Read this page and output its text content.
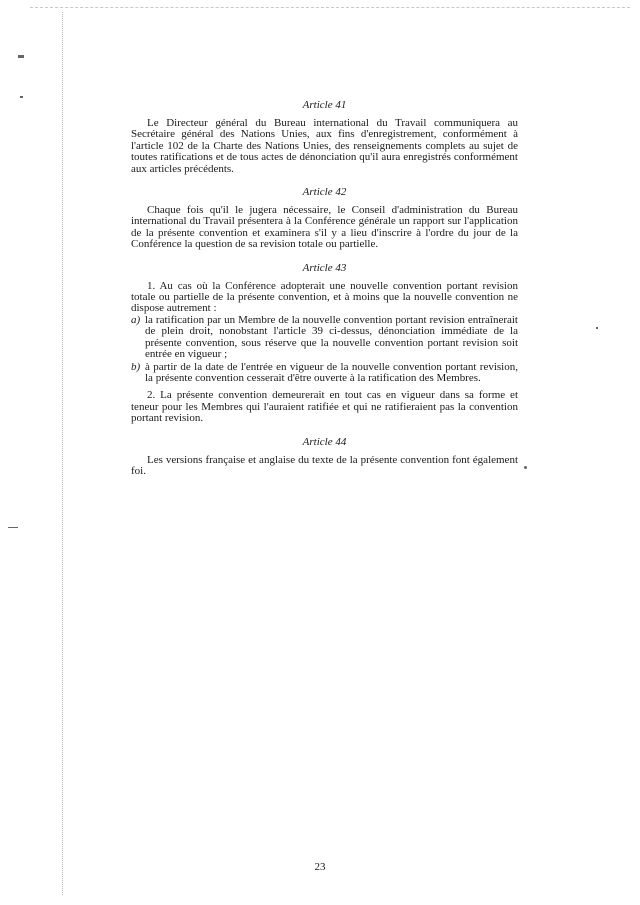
Article 41

Le Directeur général du Bureau international du Travail communiquera au Secrétaire général des Nations Unies, aux fins d'enregistrement, conformément à l'article 102 de la Charte des Nations Unies, des renseignements complets au sujet de toutes ratifications et de tous actes de dénonciation qu'il aura enregistrés conformément aux articles précédents.

Article 42

Chaque fois qu'il le jugera nécessaire, le Conseil d'administration du Bureau international du Travail présentera à la Conférence générale un rapport sur l'application de la présente convention et examinera s'il y a lieu d'inscrire à l'ordre du jour de la Conférence la question de sa revision totale ou partielle.

Article 43

1. Au cas où la Conférence adopterait une nouvelle convention portant revision totale ou partielle de la présente convention, et à moins que la nouvelle convention ne dispose autrement :

a) la ratification par un Membre de la nouvelle convention portant revision entraînerait de plein droit, nonobstant l'article 39 ci-dessus, dénonciation immédiate de la présente convention, sous réserve que la nouvelle convention portant revision soit entrée en vigueur ;
b) à partir de la date de l'entrée en vigueur de la nouvelle convention portant revision, la présente convention cesserait d'être ouverte à la ratification des Membres.

2. La présente convention demeurerait en tout cas en vigueur dans sa forme et teneur pour les Membres qui l'auraient ratifiée et qui ne ratifieraient pas la convention portant revision.

Article 44

Les versions française et anglaise du texte de la présente convention font également foi.

23
